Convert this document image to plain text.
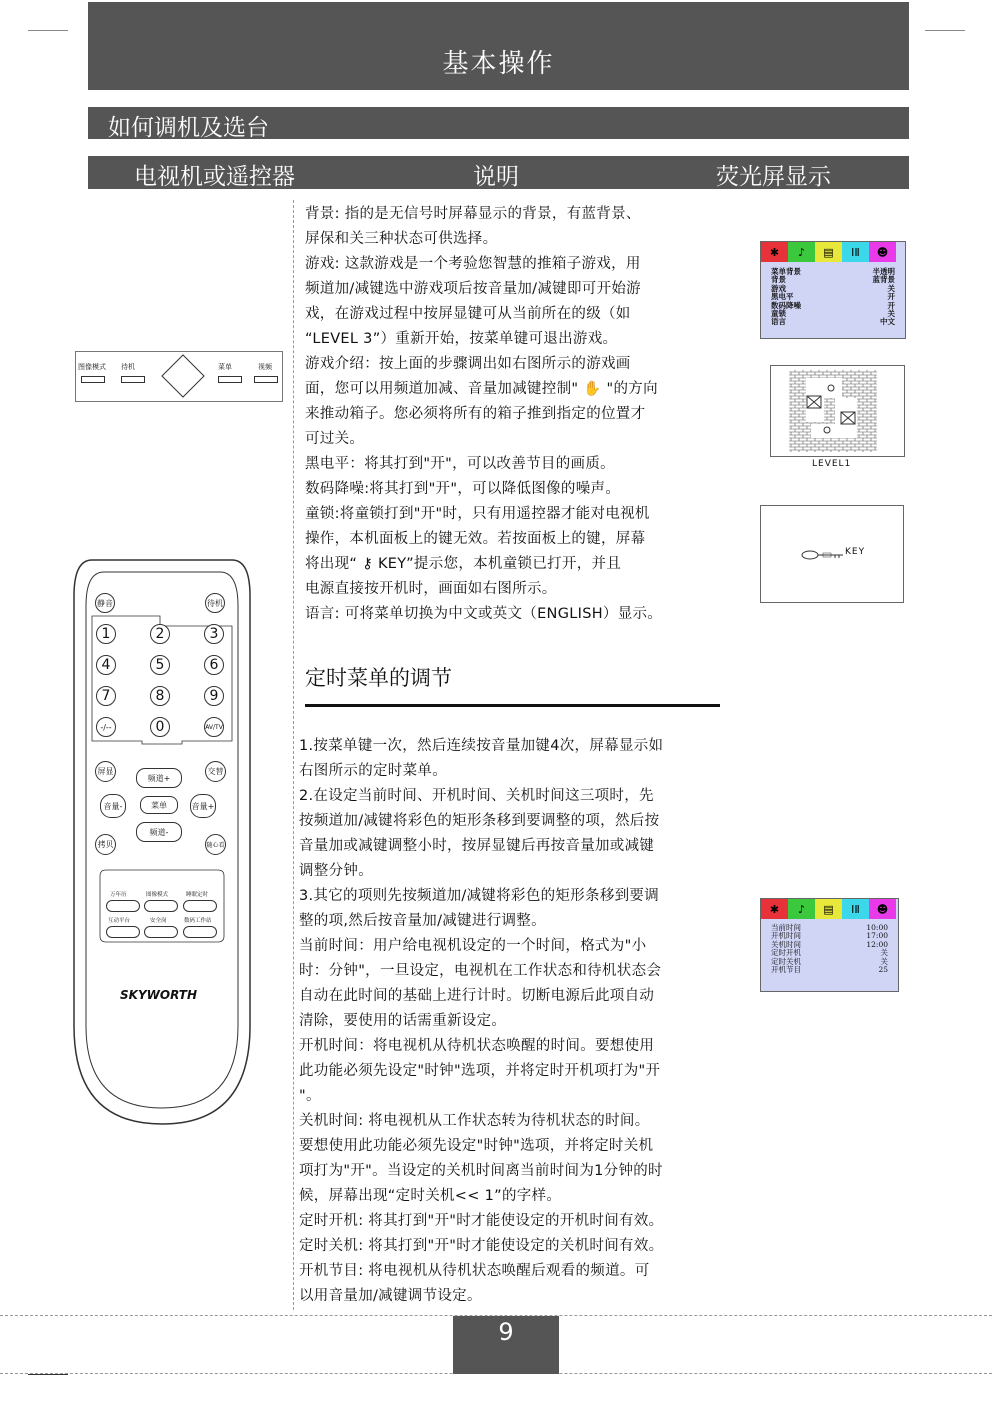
基本操作
如何调机及选台
电视机或遥控器	说明	荧光屏显示
背景: 指的是无信号时屏幕显示的背景，有蓝背景、
屏保和关三种状态可供选择。
游戏: 这款游戏是一个考验您智慧的推箱子游戏，用
频道加/减键选中游戏项后按音量加/减键即可开始游
戏，在游戏过程中按屏显键可从当前所在的级（如
“LEVEL 3”）重新开始，按菜单键可退出游戏。
游戏介绍：按上面的步骤调出如右图所示的游戏画
面，您可以用频道加减、音量加减键控制" ✋ "的方向
来推动箱子。您必须将所有的箱子推到指定的位置才
可过关。
黑电平：将其打到"开"，可以改善节目的画质。
数码降噪:将其打到"开"，可以降低图像的噪声。
童锁:将童锁打到"开"时，只有用遥控器才能对电视机
操作，本机面板上的键无效。若按面板上的键，屏幕
将出现“ ⚷ KEY”提示您，本机童锁已打开，并且
电源直接按开机时，画面如右图所示。
语言: 可将菜单切换为中文或英文（ENGLISH）显示。
定时菜单的调节
1.按菜单键一次，然后连续按音量加键4次，屏幕显示如
右图所示的定时菜单。
2.在设定当前时间、开机时间、关机时间这三项时，先
按频道加/减键将彩色的矩形条移到要调整的项，然后按
音量加或减键调整小时，按屏显键后再按音量加或减键
调整分钟。
3.其它的项则先按频道加/减键将彩色的矩形条移到要调
整的项,然后按音量加/减键进行调整。
当前时间：用户给电视机设定的一个时间，格式为"小
时：分钟"，一旦设定，电视机在工作状态和待机状态会
自动在此时间的基础上进行计时。切断电源后此项自动
清除，要使用的话需重新设定。
开机时间：将电视机从待机状态唤醒的时间。要想使用
此功能必须先设定"时钟"选项，并将定时开机项打为"开
"。
关机时间: 将电视机从工作状态转为待机状态的时间。
要想使用此功能必须先设定"时钟"选项，并将定时关机
项打为"开"。当设定的关机时间离当前时间为1分钟的时
候，屏幕出现“定时关机<< 1”的字样。
定时开机: 将其打到"开"时才能使设定的开机时间有效。
定时关机: 将其打到"开"时才能使设定的关机时间有效。
开机节目: 将电视机从待机状态唤醒后观看的频道。可
以用音量加/减键调节设定。
✱	♪	▤	ⅠⅡ	☻
菜单背景	半透明
背景	蓝背景
游戏	关
黑电平	开
数码降噪	开
童锁	关
语言	中文
LEVEL1
KEY
✱	♪	▤	ⅠⅡ	☻
当前时间	10:00
开机时间	17:00
关机时间	12:00
定时开机	关
定时关机	关
开机节目	25
图像模式 待机	菜单	视频
静音	待机
1	2	3
4	5	6
7	8	9
-/--	0	AV/TV
屏显	交替
频道+
音量-	菜单	音量+
频道-
拷贝	随心看
万年历	图像模式	睡眠定时
互动平台	安全岗	数码工作站
SKYWORTH
9
